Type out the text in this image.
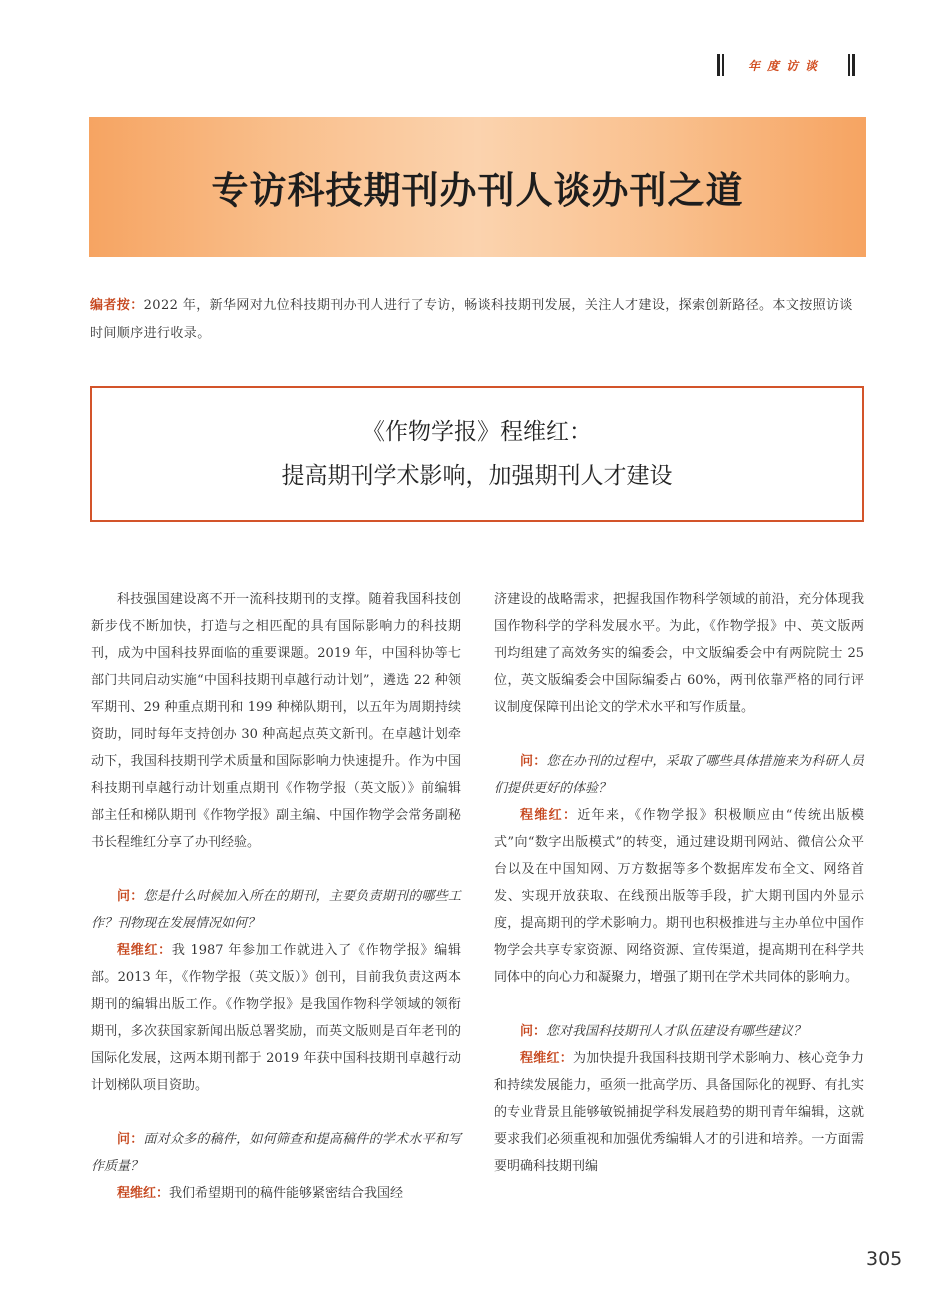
年度访谈
专访科技期刊办刊人谈办刊之道
编者按：2022 年，新华网对九位科技期刊办刊人进行了专访，畅谈科技期刊发展，关注人才建设，探索创新路径。本文按照访谈时间顺序进行收录。
《作物学报》程维红：
提高期刊学术影响，加强期刊人才建设

科技强国建设离不开一流科技期刊的支撑。随着我国科技创新步伐不断加快，打造与之相匹配的具有国际影响力的科技期刊，成为中国科技界面临的重要课题。2019 年，中国科协等七部门共同启动实施“中国科技期刊卓越行动计划”，遴选 22 种领军期刊、29 种重点期刊和 199 种梯队期刊，以五年为周期持续资助，同时每年支持创办 30 种高起点英文新刊。在卓越计划牵动下，我国科技期刊学术质量和国际影响力快速提升。作为中国科技期刊卓越行动计划重点期刊《作物学报（英文版）》前编辑部主任和梯队期刊《作物学报》副主编、中国作物学会常务副秘书长程维红分享了办刊经验。

问：您是什么时候加入所在的期刊，主要负责期刊的哪些工作？刊物现在发展情况如何？

程维红：我 1987 年参加工作就进入了《作物学报》编辑部。2013 年，《作物学报（英文版）》创刊，目前我负责这两本期刊的编辑出版工作。《作物学报》是我国作物科学领域的领衔期刊，多次获国家新闻出版总署奖励，而英文版则是百年老刊的国际化发展，这两本期刊都于 2019 年获中国科技期刊卓越行动计划梯队项目资助。

问：面对众多的稿件，如何筛查和提高稿件的学术水平和写作质量？

程维红：我们希望期刊的稿件能够紧密结合我国经

济建设的战略需求，把握我国作物科学领域的前沿，充分体现我国作物科学的学科发展水平。为此，《作物学报》中、英文版两刊均组建了高效务实的编委会，中文版编委会中有两院院士 25 位，英文版编委会中国际编委占 60%，两刊依靠严格的同行评议制度保障刊出论文的学术水平和写作质量。

问：您在办刊的过程中，采取了哪些具体措施来为科研人员们提供更好的体验？

程维红：近年来，《作物学报》积极顺应由“传统出版模式”向“数字出版模式”的转变，通过建设期刊网站、微信公众平台以及在中国知网、万方数据等多个数据库发布全文、网络首发、实现开放获取、在线预出版等手段，扩大期刊国内外显示度，提高期刊的学术影响力。期刊也积极推进与主办单位中国作物学会共享专家资源、网络资源、宣传渠道，提高期刊在科学共同体中的向心力和凝聚力，增强了期刊在学术共同体的影响力。

问：您对我国科技期刊人才队伍建设有哪些建议？

程维红：为加快提升我国科技期刊学术影响力、核心竞争力和持续发展能力，亟须一批高学历、具备国际化的视野、有扎实的专业背景且能够敏锐捕捉学科发展趋势的期刊青年编辑，这就要求我们必须重视和加强优秀编辑人才的引进和培养。一方面需要明确科技期刊编

305
